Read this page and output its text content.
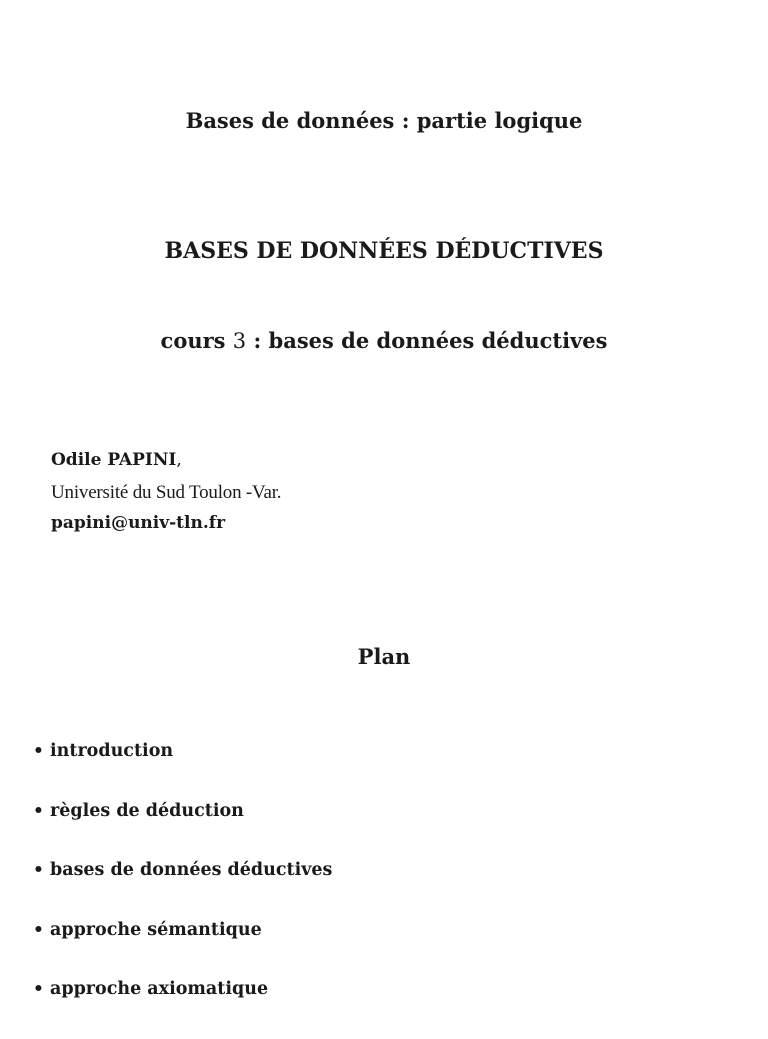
Bases de données : partie logique
BASES DE DONNÉES DÉDUCTIVES
cours 3 : bases de données déductives
Odile PAPINI,
Université du Sud Toulon -Var.
papini@univ-tln.fr
Plan
• introduction
• règles de déduction
• bases de données déductives
• approche sémantique
• approche axiomatique
